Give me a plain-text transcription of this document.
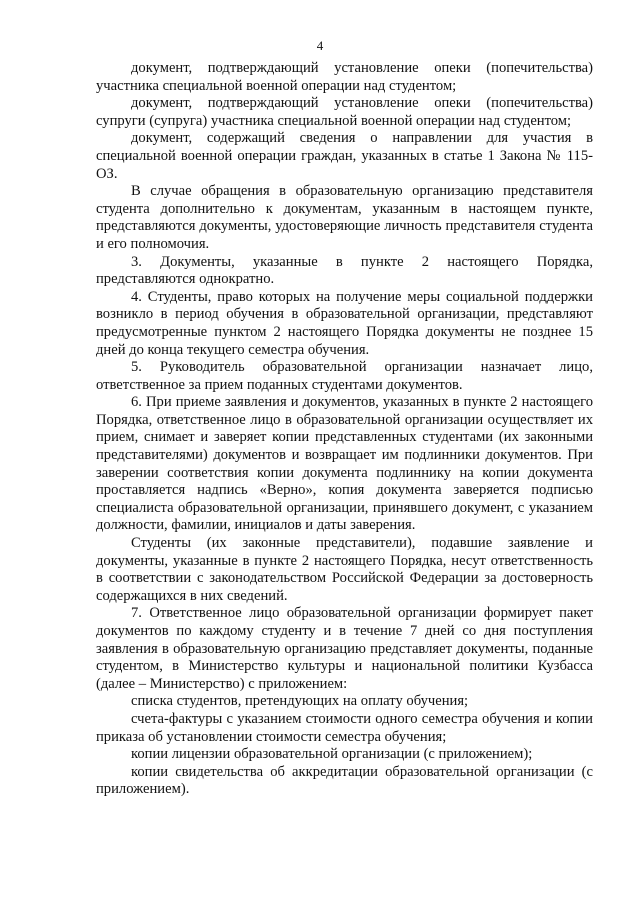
4

документ, подтверждающий установление опеки (попечительства) участника специальной военной операции над студентом;

документ, подтверждающий установление опеки (попечительства) супруги (супруга) участника специальной военной операции над студентом;

документ, содержащий сведения о направлении для участия в специальной военной операции граждан, указанных в статье 1 Закона № 115-ОЗ.

В случае обращения в образовательную организацию представителя студента дополнительно к документам, указанным в настоящем пункте, представляются документы, удостоверяющие личность представителя студента и его полномочия.

3. Документы, указанные в пункте 2 настоящего Порядка, представляются однократно.

4. Студенты, право которых на получение меры социальной поддержки возникло в период обучения в образовательной организации, представляют предусмотренные пунктом 2 настоящего Порядка документы не позднее 15 дней до конца текущего семестра обучения.

5. Руководитель образовательной организации назначает лицо, ответственное за прием поданных студентами документов.

6. При приеме заявления и документов, указанных в пункте 2 настоящего Порядка, ответственное лицо в образовательной организации осуществляет их прием, снимает и заверяет копии представленных студентами (их законными представителями) документов и возвращает им подлинники документов. При заверении соответствия копии документа подлиннику на копии документа проставляется надпись «Верно», копия документа заверяется подписью специалиста образовательной организации, принявшего документ, с указанием должности, фамилии, инициалов и даты заверения.

Студенты (их законные представители), подавшие заявление и документы, указанные в пункте 2 настоящего Порядка, несут ответственность в соответствии с законодательством Российской Федерации за достоверность содержащихся в них сведений.

7. Ответственное лицо образовательной организации формирует пакет документов по каждому студенту и в течение 7 дней со дня поступления заявления в образовательную организацию представляет документы, поданные студентом, в Министерство культуры и национальной политики Кузбасса (далее – Министерство) с приложением:

списка студентов, претендующих на оплату обучения;

счета-фактуры с указанием стоимости одного семестра обучения и копии приказа об установлении стоимости семестра обучения;

копии лицензии образовательной организации (с приложением);

копии свидетельства об аккредитации образовательной организации (с приложением).
